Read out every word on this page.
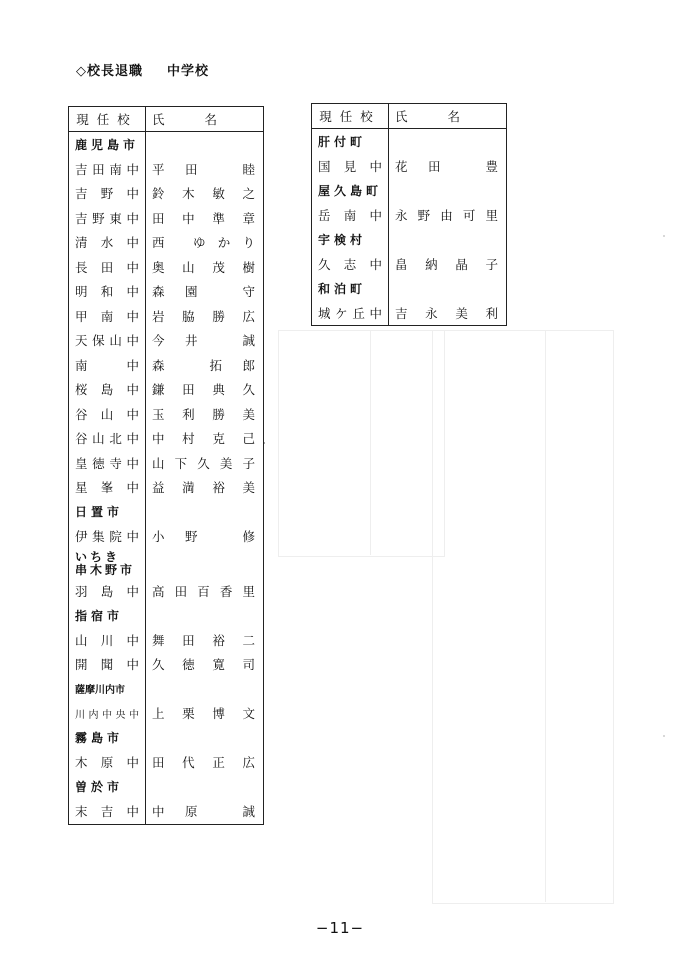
◇校長退職 中学校
現任校	氏名
鹿児島市	
吉田南中	平田 睦
吉野中	鈴木敏之
吉野東中	田中準章
清水中	西 ゆかり
長田中	奥山茂樹
明和中	森園 守
甲南中	岩脇勝広
天保山中	今井 誠
南中	森 拓郎
桜島中	鎌田典久
谷山中	玉利勝美
谷山北中	中村克己
皇徳寺中	山下久美子
星峯中	益満裕美
日置市	
伊集院中	小野 修

いちき
串木野市	

羽島中	高田百香里
指宿市	
山川中	舞田裕二
開聞中	久徳寛司
薩摩川内市	
川内中央中	上栗博文
霧島市	
木原中	田代正広
曽於市	
末吉中	中原 誠
現任校	氏名
肝付町	
国見中	花田 豊
屋久島町	
岳南中	永野由可里
宇検村	
久志中	畠納晶子
和泊町	
城ケ丘中	吉永美利
−11−
